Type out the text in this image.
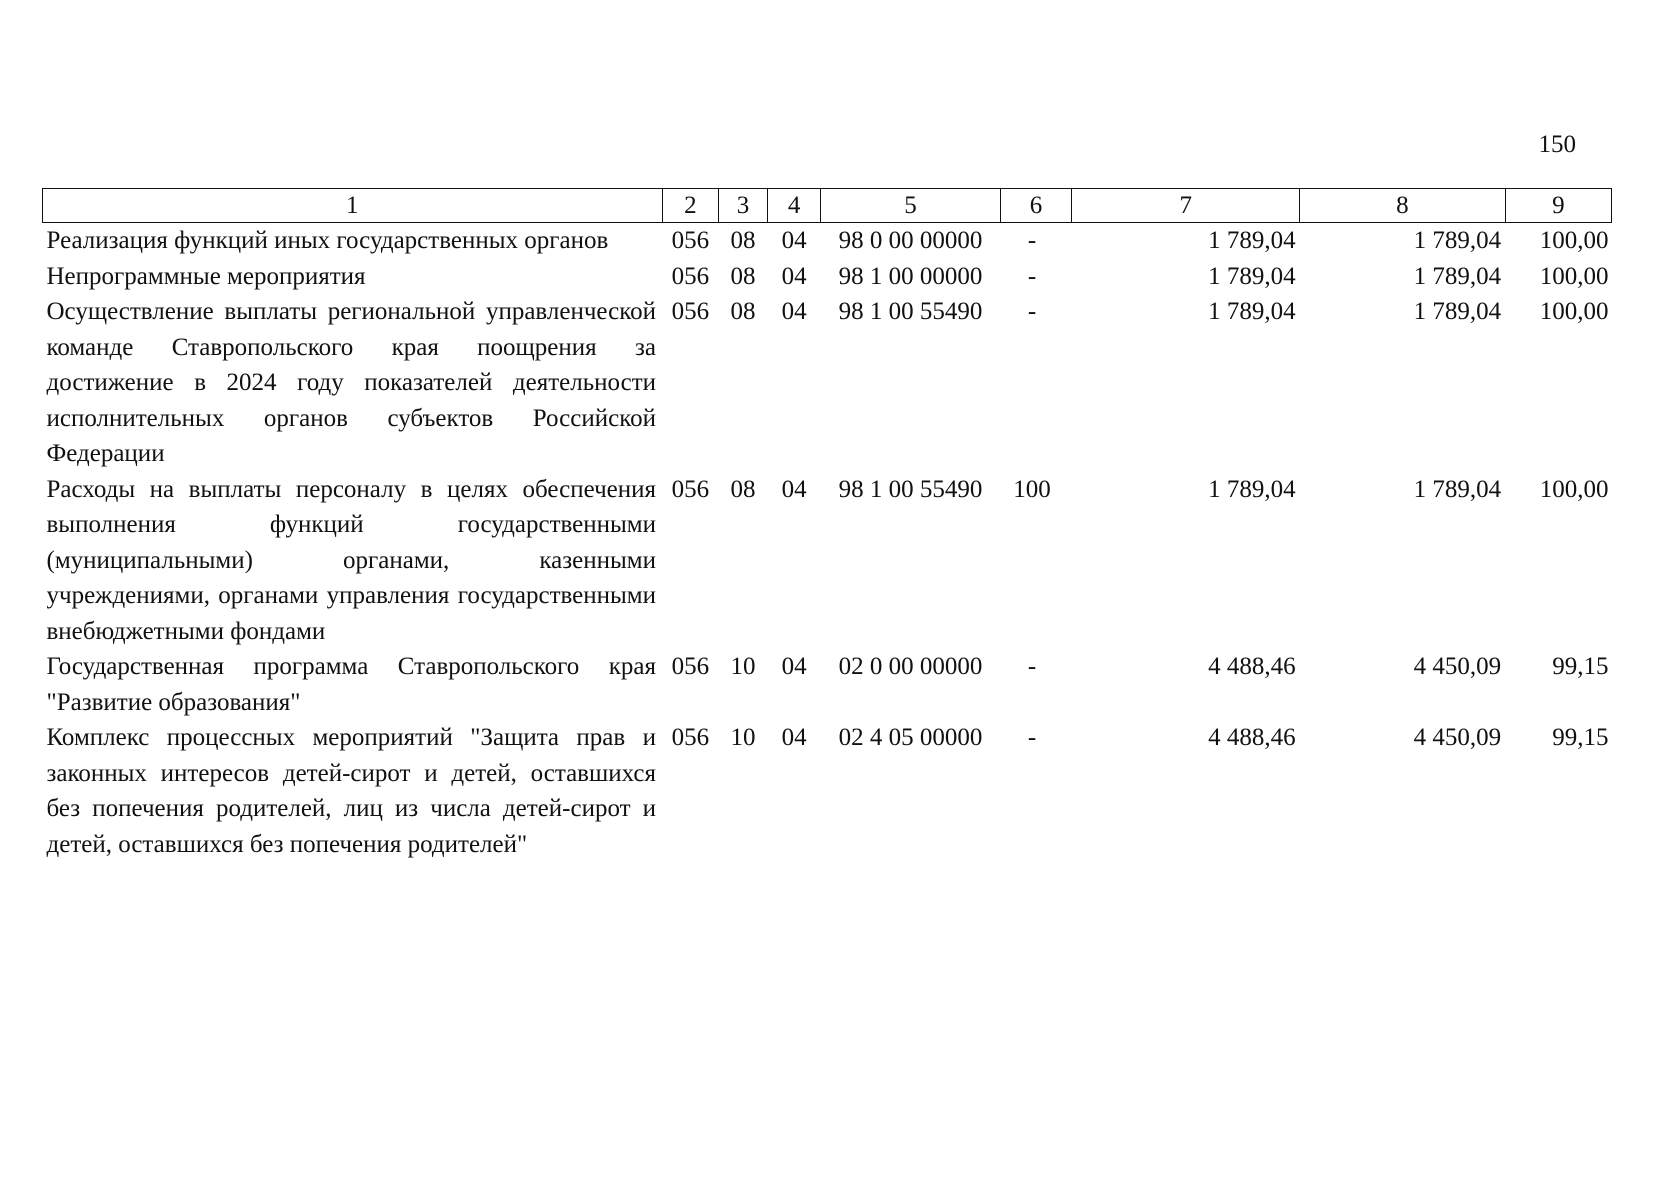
150
1	2	3	4	5	6	7	8	9
Реализация функций иных государственных органов	056	08	04	98 0 00 00000	-	1 789,04	1 789,04	100,00
Непрограммные мероприятия	056	08	04	98 1 00 00000	-	1 789,04	1 789,04	100,00
Осуществление выплаты региональной управленческой команде Ставропольского края поощрения за достижение в 2024 году показателей деятельности исполнительных органов субъектов Российской Федерации	056	08	04	98 1 00 55490	-	1 789,04	1 789,04	100,00
Расходы на выплаты персоналу в целях обеспечения выполнения функций государственными (муниципальными) органами, казенными учреждениями, органами управления государственными внебюджетными фондами	056	08	04	98 1 00 55490	100	1 789,04	1 789,04	100,00
Государственная программа Ставропольского края "Развитие образования"	056	10	04	02 0 00 00000	-	4 488,46	4 450,09	99,15
Комплекс процессных мероприятий "Защита прав и законных интересов детей-сирот и детей, оставшихся без попечения родителей, лиц из числа детей-сирот и детей, оставшихся без попечения родителей"	056	10	04	02 4 05 00000	-	4 488,46	4 450,09	99,15
